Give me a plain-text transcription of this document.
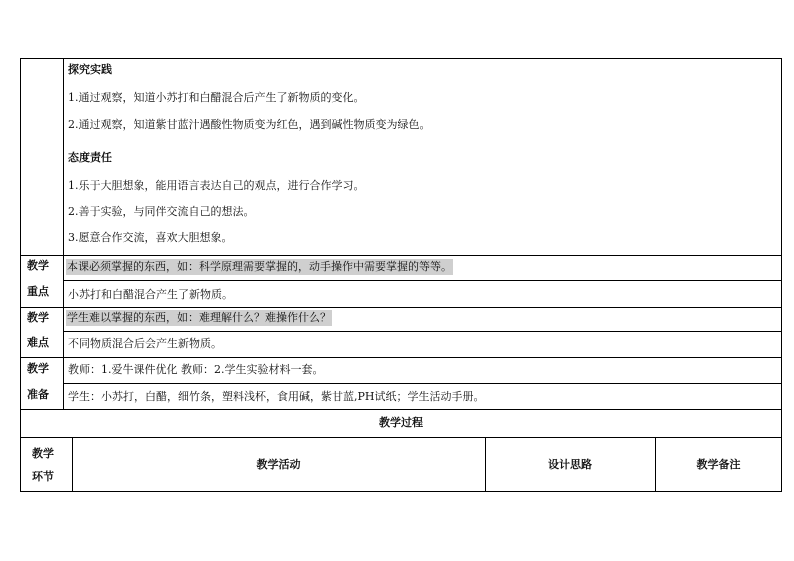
探究实践
1.通过观察，知道小苏打和白醋混合后产生了新物质的变化。
2.通过观察，知道紫甘蓝汁遇酸性物质变为红色，遇到碱性物质变为绿色。
态度责任
1.乐于大胆想象，能用语言表达自己的观点，进行合作学习。
2.善于实验，与同伴交流自己的想法。
3.愿意合作交流，喜欢大胆想象。
教学
重点
本课必须掌握的东西，如：科学原理需要掌握的，动手操作中需要掌握的等等。
小苏打和白醋混合产生了新物质。
教学
难点
学生难以掌握的东西，如：难理解什么？难操作什么？
不同物质混合后会产生新物质。
教学
准备
教师：1.爱牛课件优化 教师：2.学生实验材料一套。
学生：小苏打，白醋，细竹条，塑料浅杯，食用碱，紫甘蓝,PH试纸；学生活动手册。
教学过程
教学
环节
教学活动	设计思路	教学备注
